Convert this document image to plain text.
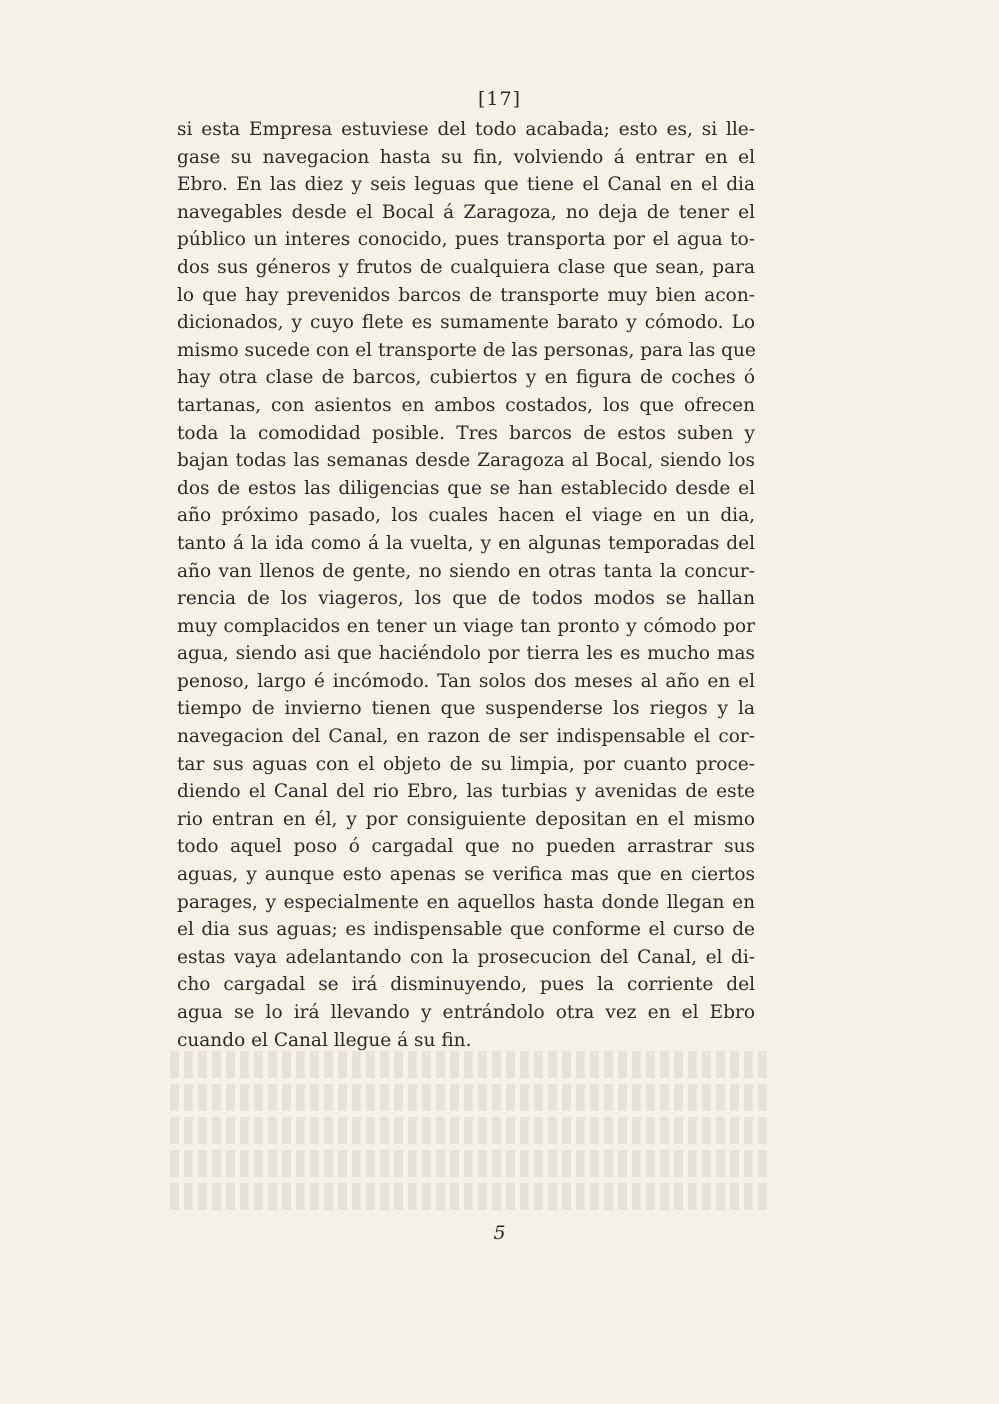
[17]
si esta Empresa estuviese del todo acabada; esto es, si lle-
gase su navegacion hasta su fin, volviendo á entrar en el
Ebro. En las diez y seis leguas que tiene el Canal en el dia
navegables desde el Bocal á Zaragoza, no deja de tener el
público un interes conocido, pues transporta por el agua to-
dos sus géneros y frutos de cualquiera clase que sean, para
lo que hay prevenidos barcos de transporte muy bien acon-
dicionados, y cuyo flete es sumamente barato y cómodo. Lo
mismo sucede con el transporte de las personas, para las que
hay otra clase de barcos, cubiertos y en figura de coches ó
tartanas, con asientos en ambos costados, los que ofrecen
toda la comodidad posible. Tres barcos de estos suben y
bajan todas las semanas desde Zaragoza al Bocal, siendo los
dos de estos las diligencias que se han establecido desde el
año próximo pasado, los cuales hacen el viage en un dia,
tanto á la ida como á la vuelta, y en algunas temporadas del
año van llenos de gente, no siendo en otras tanta la concur-
rencia de los viageros, los que de todos modos se hallan
muy complacidos en tener un viage tan pronto y cómodo por
agua, siendo asi que haciéndolo por tierra les es mucho mas
penoso, largo é incómodo. Tan solos dos meses al año en el
tiempo de invierno tienen que suspenderse los riegos y la
navegacion del Canal, en razon de ser indispensable el cor-
tar sus aguas con el objeto de su limpia, por cuanto proce-
diendo el Canal del rio Ebro, las turbias y avenidas de este
rio entran en él, y por consiguiente depositan en el mismo
todo aquel poso ó cargadal que no pueden arrastrar sus
aguas, y aunque esto apenas se verifica mas que en ciertos
parages, y especialmente en aquellos hasta donde llegan en
el dia sus aguas; es indispensable que conforme el curso de
estas vaya adelantando con la prosecucion del Canal, el di-
cho cargadal se irá disminuyendo, pues la corriente del
agua se lo irá llevando y entrándolo otra vez en el Ebro
cuando el Canal llegue á su fin.
5
